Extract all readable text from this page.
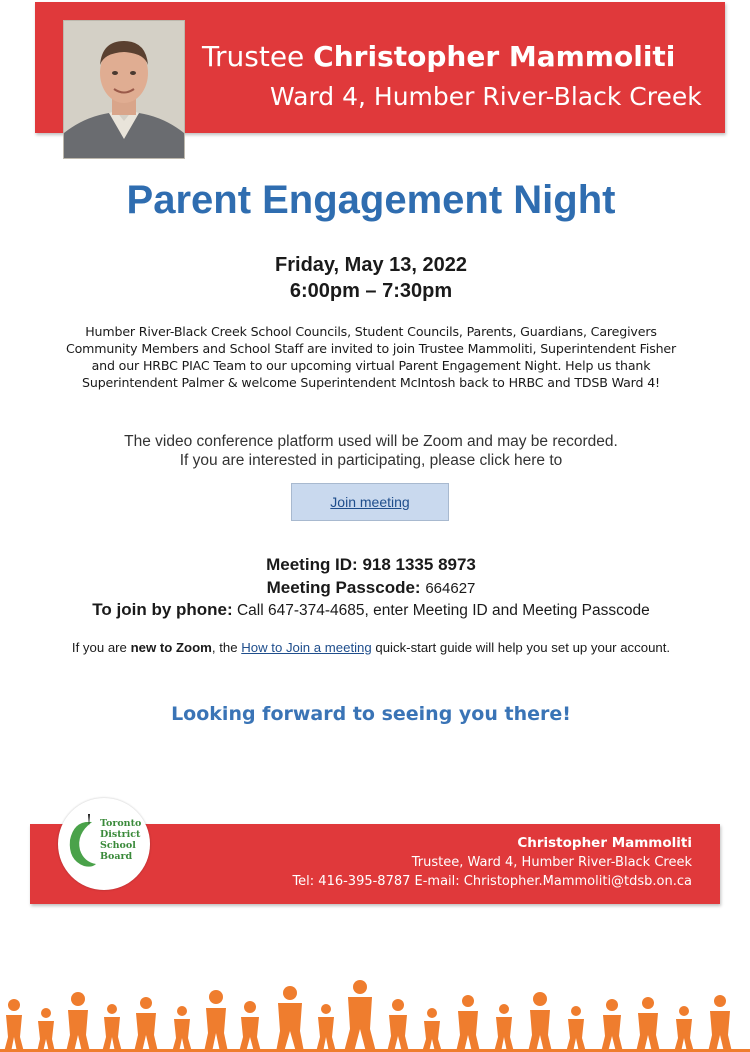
Trustee Christopher Mammoliti
Ward 4, Humber River-Black Creek
Parent Engagement Night
Friday, May 13, 2022
6:00pm – 7:30pm
Humber River-Black Creek School Councils, Student Councils, Parents, Guardians, Caregivers
Community Members and School Staff are invited to join Trustee Mammoliti, Superintendent Fisher
and our HRBC PIAC Team to our upcoming virtual Parent Engagement Night. Help us thank
Superintendent Palmer & welcome Superintendent McIntosh back to HRBC and TDSB Ward 4!
The video conference platform used will be Zoom and may be recorded.
If you are interested in participating, please click here to
Join meeting
Meeting ID: 918 1335 8973
Meeting Passcode: 664627
To join by phone: Call 647-374-4685, enter Meeting ID and Meeting Passcode
If you are new to Zoom, the How to Join a meeting quick-start guide will help you set up your account.
Looking forward to seeing you there!
Christopher Mammoliti
Trustee, Ward 4, Humber River-Black Creek
Tel: 416-395-8787 E-mail: Christopher.Mammoliti@tdsb.on.ca
Toronto
District
School
Board
